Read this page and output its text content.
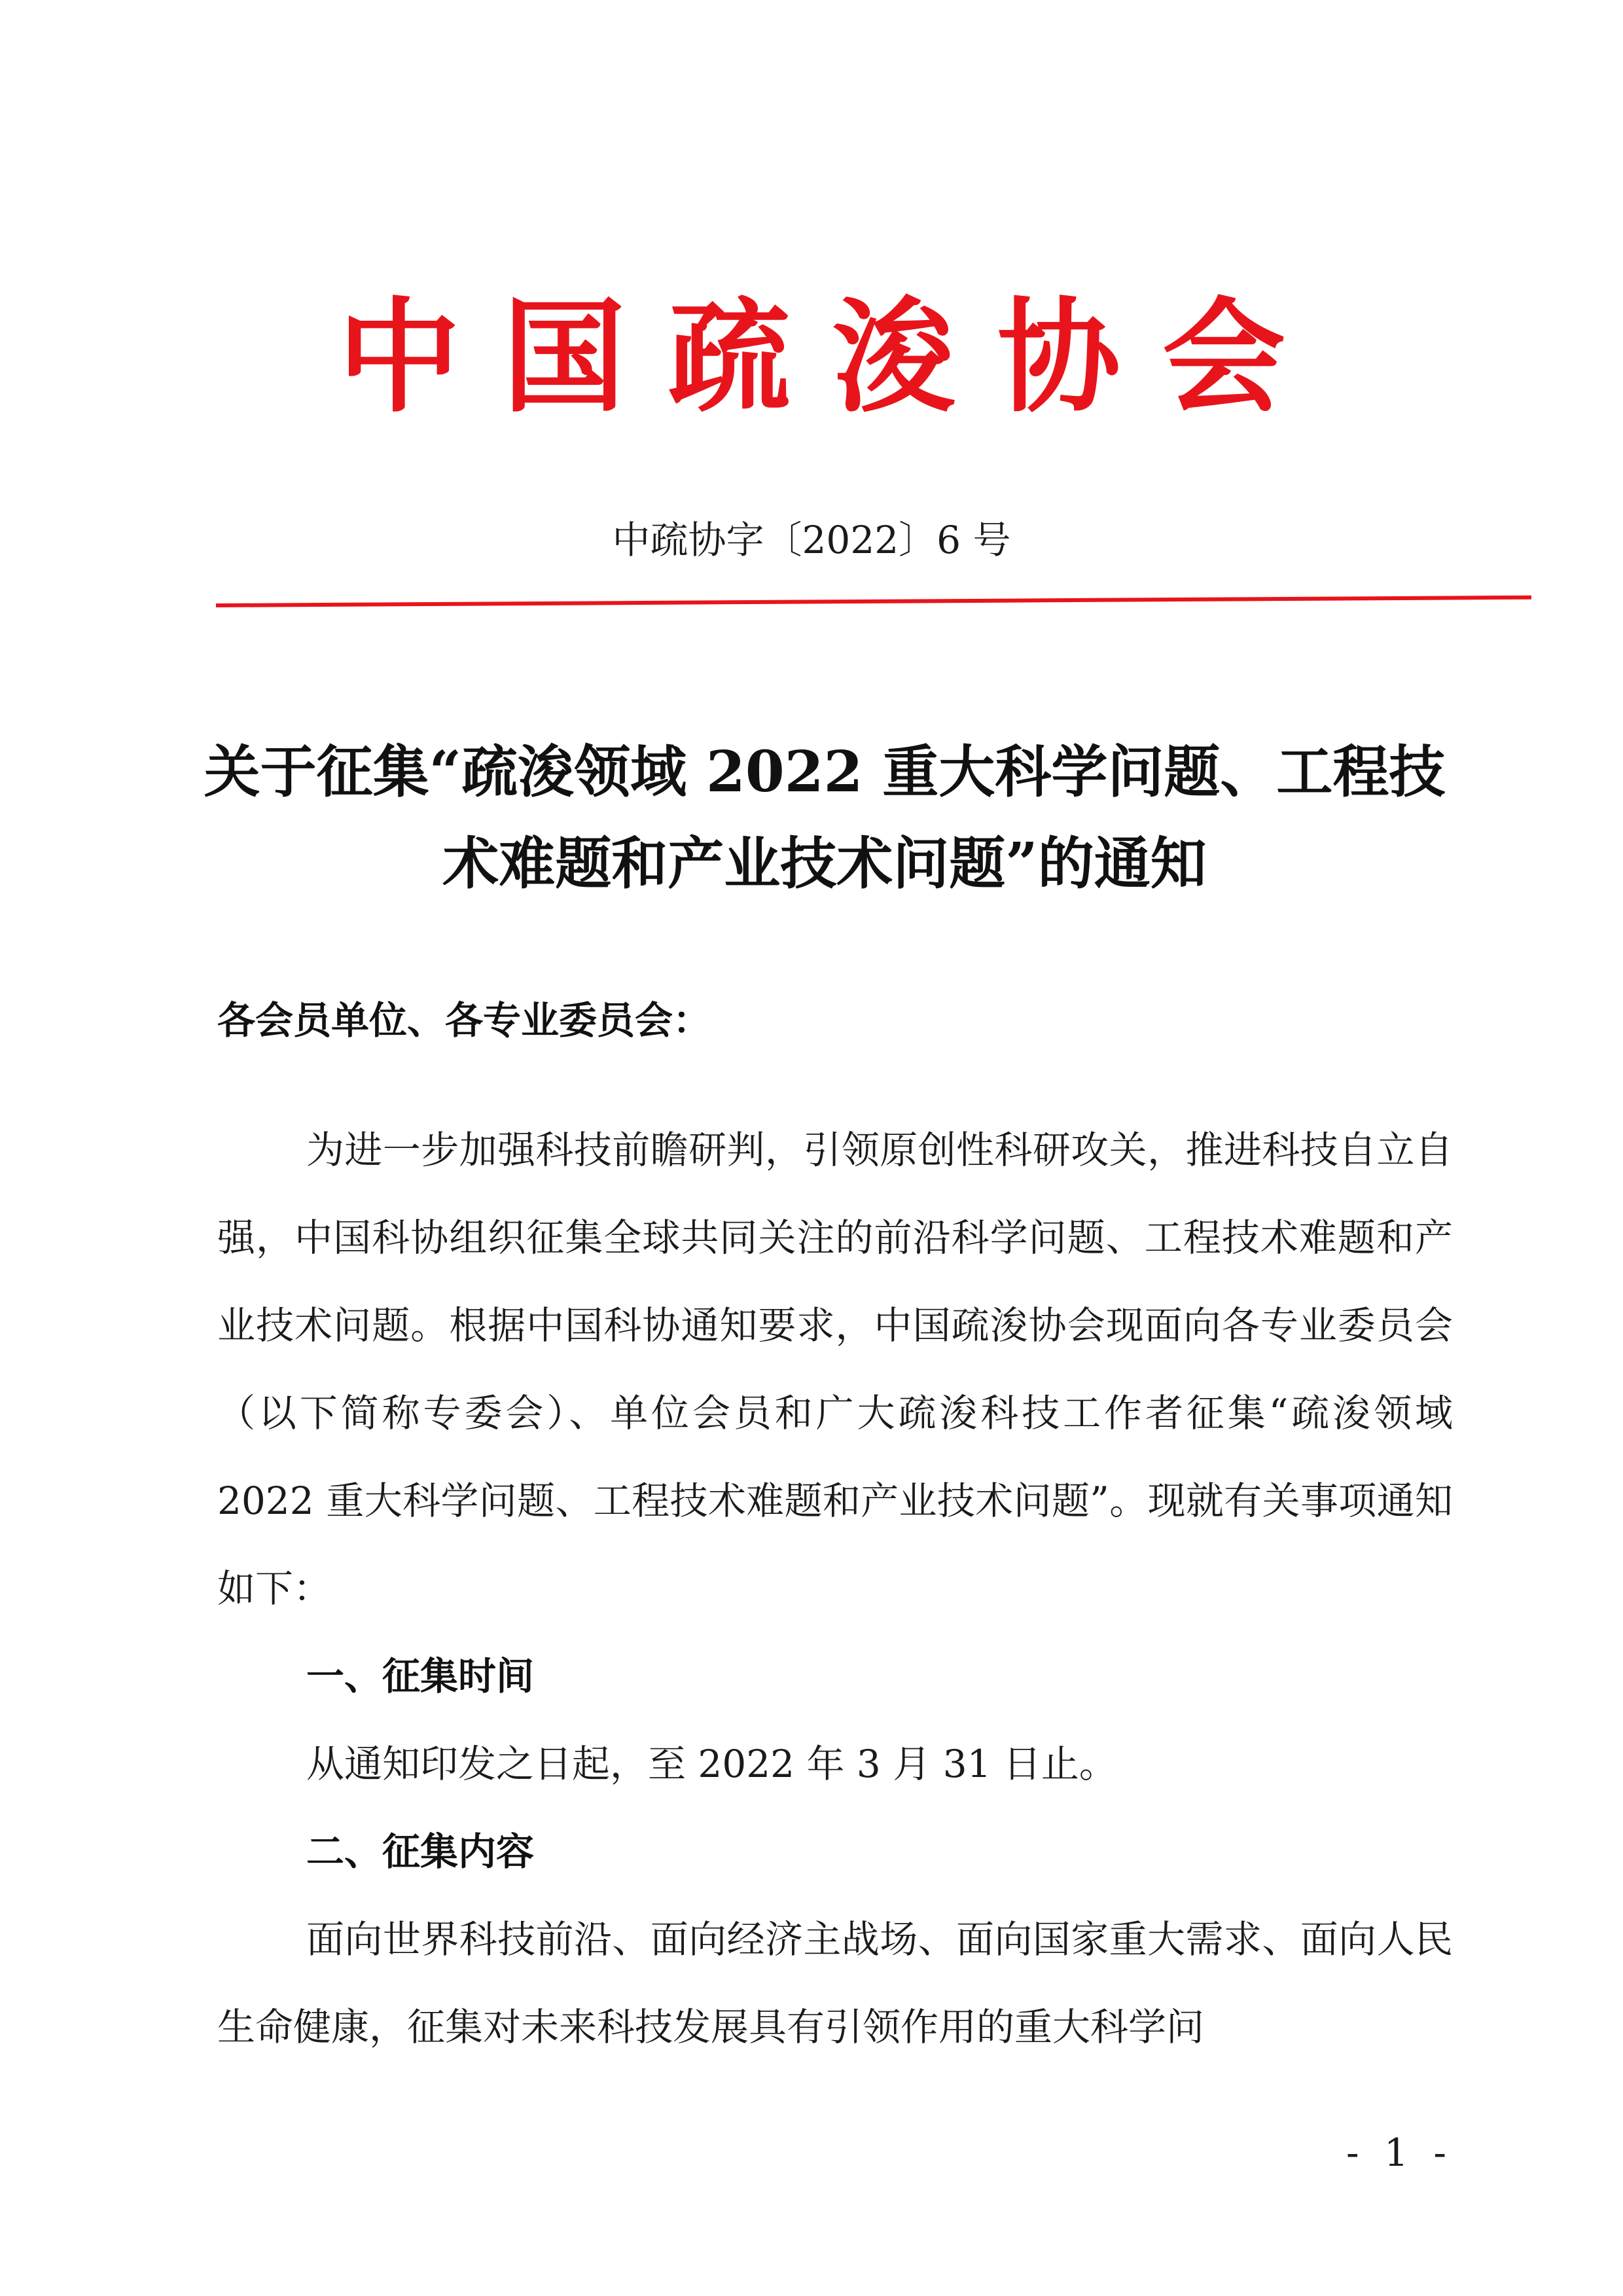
中国疏浚协会
中疏协字〔2022〕6 号
关于征集“疏浚领域 2022 重大科学问题、工程技术难题和产业技术问题”的通知
各会员单位、各专业委员会：

为进一步加强科技前瞻研判，引领原创性科研攻关，推进科技自立自强，中国科协组织征集全球共同关注的前沿科学问题、工程技术难题和产业技术问题。根据中国科协通知要求，中国疏浚协会现面向各专业委员会（以下简称专委会）、单位会员和广大疏浚科技工作者征集“疏浚领域 2022 重大科学问题、工程技术难题和产业技术问题”。现就有关事项通知如下：

一、征集时间

从通知印发之日起，至 2022 年 3 月 31 日止。

二、征集内容

面向世界科技前沿、面向经济主战场、面向国家重大需求、面向人民生命健康，征集对未来科技发展具有引领作用的重大科学问

- 1 -
